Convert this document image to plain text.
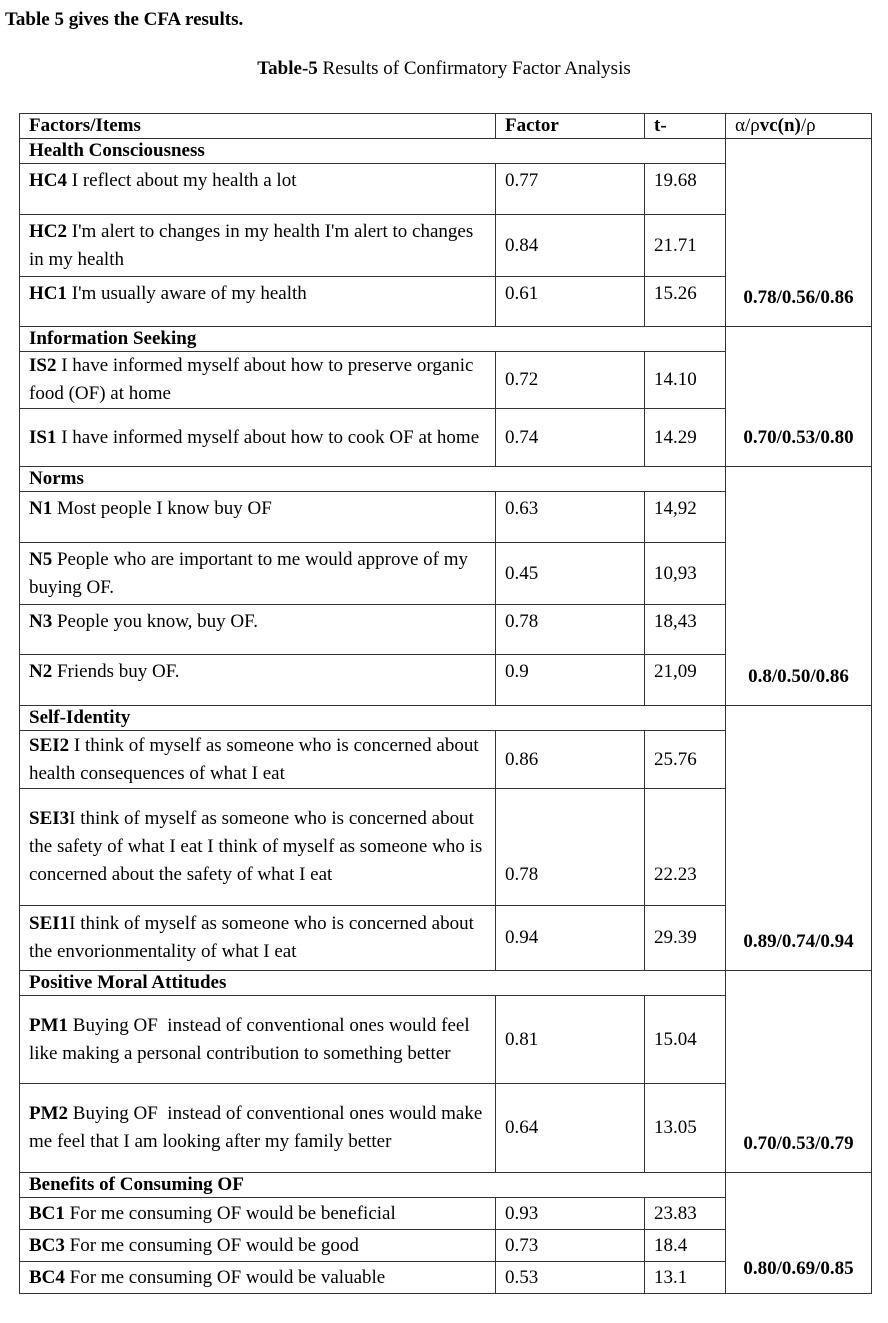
Table 5 gives the CFA results.
Table-5 Results of Confirmatory Factor Analysis
Factors/Items	Factor	t-	α/ρvc(n)/ρ
Health Consciousness			0.78/0.56/0.86
HC4 I reflect about my health a lot	0.77	19.68	
HC2 I'm alert to changes in my health I'm alert to changes in my health	0.84	21.71	
HC1 I'm usually aware of my health	0.61	15.26	
Information Seeking			0.70/0.53/0.80
IS2 I have informed myself about how to preserve organic food (OF) at home	0.72	14.10	
IS1 I have informed myself about how to cook OF at home	0.74	14.29	
Norms			0.8/0.50/0.86
N1 Most people I know buy OF	0.63	14,92	
N5 People who are important to me would approve of my buying OF.	0.45	10,93	
N3 People you know, buy OF.	0.78	18,43	
N2 Friends buy OF.	0.9	21,09	
Self-Identity			0.89/0.74/0.94
SEI2 I think of myself as someone who is concerned about health consequences of what I eat	0.86	25.76	
SEI3I think of myself as someone who is concerned about the safety of what I eat I think of myself as someone who is concerned about the safety of what I eat	0.78	22.23	
SEI1I think of myself as someone who is concerned about the envorionmentality of what I eat	0.94	29.39	
Positive Moral Attitudes			0.70/0.53/0.79
PM1 Buying OF  instead of conventional ones would feel like making a personal contribution to something better	0.81	15.04	
PM2 Buying OF  instead of conventional ones would make me feel that I am looking after my family better	0.64	13.05	
Benefits of Consuming OF			0.80/0.69/0.85
BC1 For me consuming OF would be beneficial	0.93	23.83	
BC3 For me consuming OF would be good	0.73	18.4	
BC4 For me consuming OF would be valuable	0.53	13.1	
